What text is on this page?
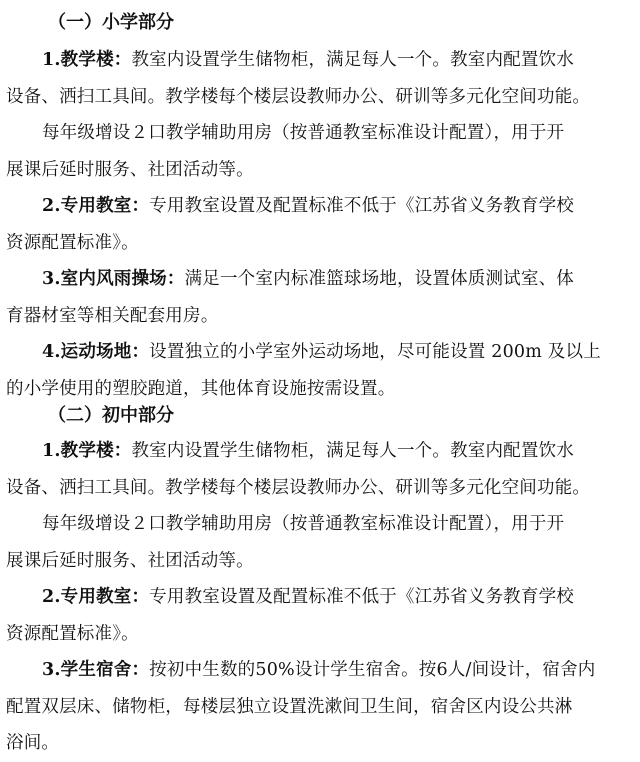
（一）小学部分
1.教学楼：教室内设置学生储物柜，满足每人一个。教室内配置饮水
设备、洒扫工具间。教学楼每个楼层设教师办公、研训等多元化空间功能。
每年级增设２口教学辅助用房（按普通教室标准设计配置），用于开
展课后延时服务、社团活动等。
2.专用教室：专用教室设置及配置标准不低于《江苏省义务教育学校
资源配置标准》。
3.室内风雨操场：满足一个室内标准篮球场地，设置体质测试室、体
育器材室等相关配套用房。
4.运动场地：设置独立的小学室外运动场地，尽可能设置 200m 及以上
的小学使用的塑胶跑道，其他体育设施按需设置。
（二）初中部分
1.教学楼：教室内设置学生储物柜，满足每人一个。教室内配置饮水
设备、洒扫工具间。教学楼每个楼层设教师办公、研训等多元化空间功能。
每年级增设２口教学辅助用房（按普通教室标准设计配置），用于开
展课后延时服务、社团活动等。
2.专用教室：专用教室设置及配置标准不低于《江苏省义务教育学校
资源配置标准》。
3.学生宿舍：按初中生数的50%设计学生宿舍。按6人/间设计，宿舍内
配置双层床、储物柜，每楼层独立设置洗漱间卫生间，宿舍区内设公共淋
浴间。
